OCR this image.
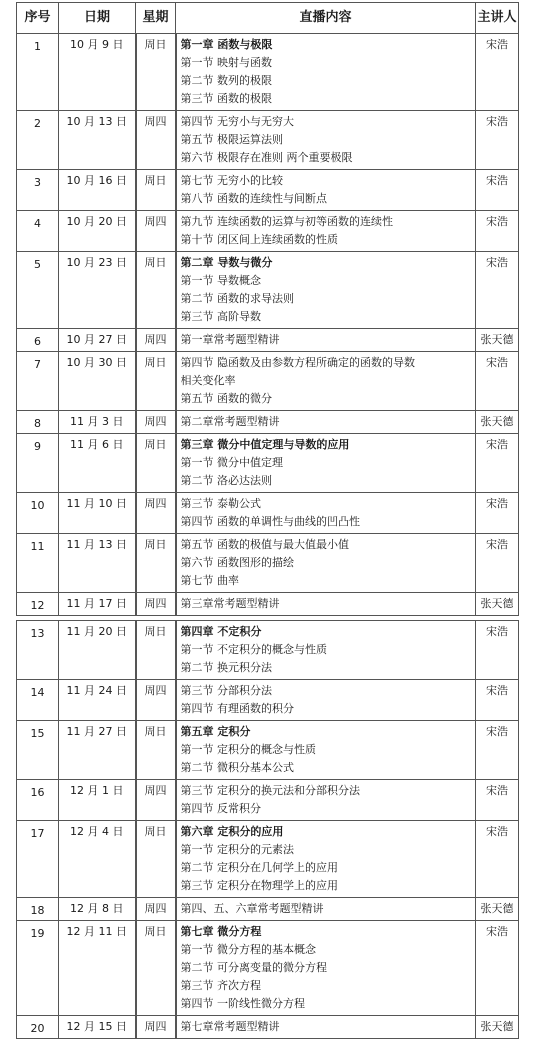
序号	日期	星期	直播内容	主讲人
1	10 月 9 日	周日	第一章 函数与极限
第一节 映射与函数
第二节 数列的极限
第三节 函数的极限	宋浩
2	10 月 13 日	周四	第四节 无穷小与无穷大
第五节 极限运算法则
第六节 极限存在准则 两个重要极限	宋浩
3	10 月 16 日	周日	第七节 无穷小的比较
第八节 函数的连续性与间断点	宋浩
4	10 月 20 日	周四	第九节 连续函数的运算与初等函数的连续性
第十节 闭区间上连续函数的性质	宋浩
5	10 月 23 日	周日	第二章 导数与微分
第一节 导数概念
第二节 函数的求导法则
第三节 高阶导数	宋浩
6	10 月 27 日	周四	第一章常考题型精讲	张天德
7	10 月 30 日	周日	第四节 隐函数及由参数方程所确定的函数的导数
相关变化率
第五节 函数的微分	宋浩
8	11 月 3 日	周四	第二章常考题型精讲	张天德
9	11 月 6 日	周日	第三章 微分中值定理与导数的应用
第一节 微分中值定理
第二节 洛必达法则	宋浩
10	11 月 10 日	周四	第三节 泰勒公式
第四节 函数的单调性与曲线的凹凸性	宋浩
11	11 月 13 日	周日	第五节 函数的极值与最大值最小值
第六节 函数图形的描绘
第七节 曲率	宋浩
12	11 月 17 日	周四	第三章常考题型精讲	张天德
13	11 月 20 日	周日	第四章 不定积分
第一节 不定积分的概念与性质
第二节 换元积分法	宋浩
14	11 月 24 日	周四	第三节 分部积分法
第四节 有理函数的积分	宋浩
15	11 月 27 日	周日	第五章 定积分
第一节 定积分的概念与性质
第二节 微积分基本公式	宋浩
16	12 月 1 日	周四	第三节 定积分的换元法和分部积分法
第四节 反常积分	宋浩
17	12 月 4 日	周日	第六章 定积分的应用
第一节 定积分的元素法
第二节 定积分在几何学上的应用
第三节 定积分在物理学上的应用	宋浩
18	12 月 8 日	周四	第四、五、六章常考题型精讲	张天德
19	12 月 11 日	周日	第七章 微分方程
第一节 微分方程的基本概念
第二节 可分离变量的微分方程
第三节 齐次方程
第四节 一阶线性微分方程	宋浩
20	12 月 15 日	周四	第七章常考题型精讲	张天德
